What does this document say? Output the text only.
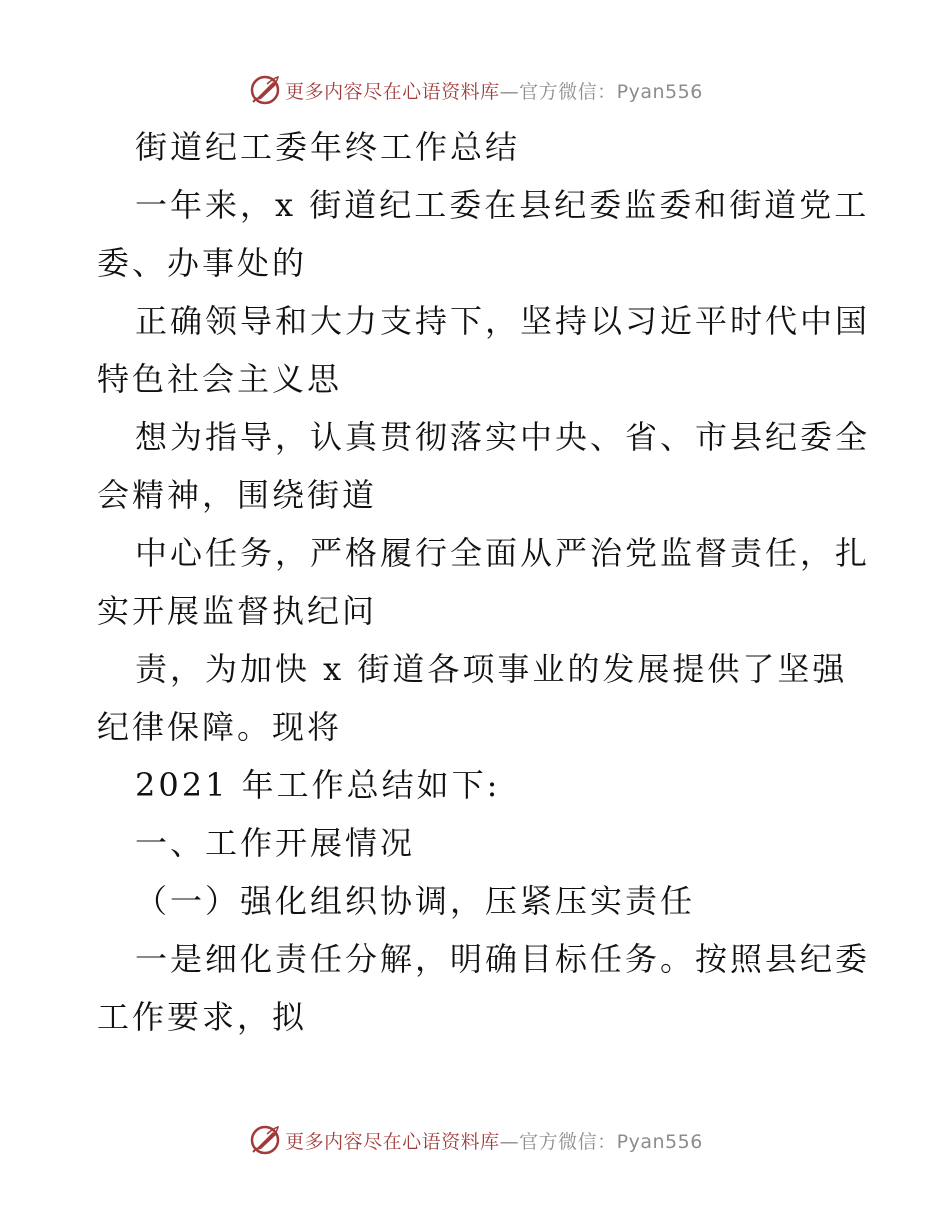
更多内容尽在心语资料库—官方微信：Pyan556
街道纪工委年终工作总结
一年来，x 街道纪工委在县纪委监委和街道党工
委、办事处的
正确领导和大力支持下，坚持以习近平时代中国
特色社会主义思
想为指导，认真贯彻落实中央、省、市县纪委全
会精神，围绕街道
中心任务，严格履行全面从严治党监督责任，扎
实开展监督执纪问
责，为加快 x 街道各项事业的发展提供了坚强
纪律保障。现将
2021 年工作总结如下:
一、工作开展情况
（一）强化组织协调，压紧压实责任
一是细化责任分解，明确目标任务。按照县纪委
工作要求，拟
更多内容尽在心语资料库—官方微信：Pyan556
